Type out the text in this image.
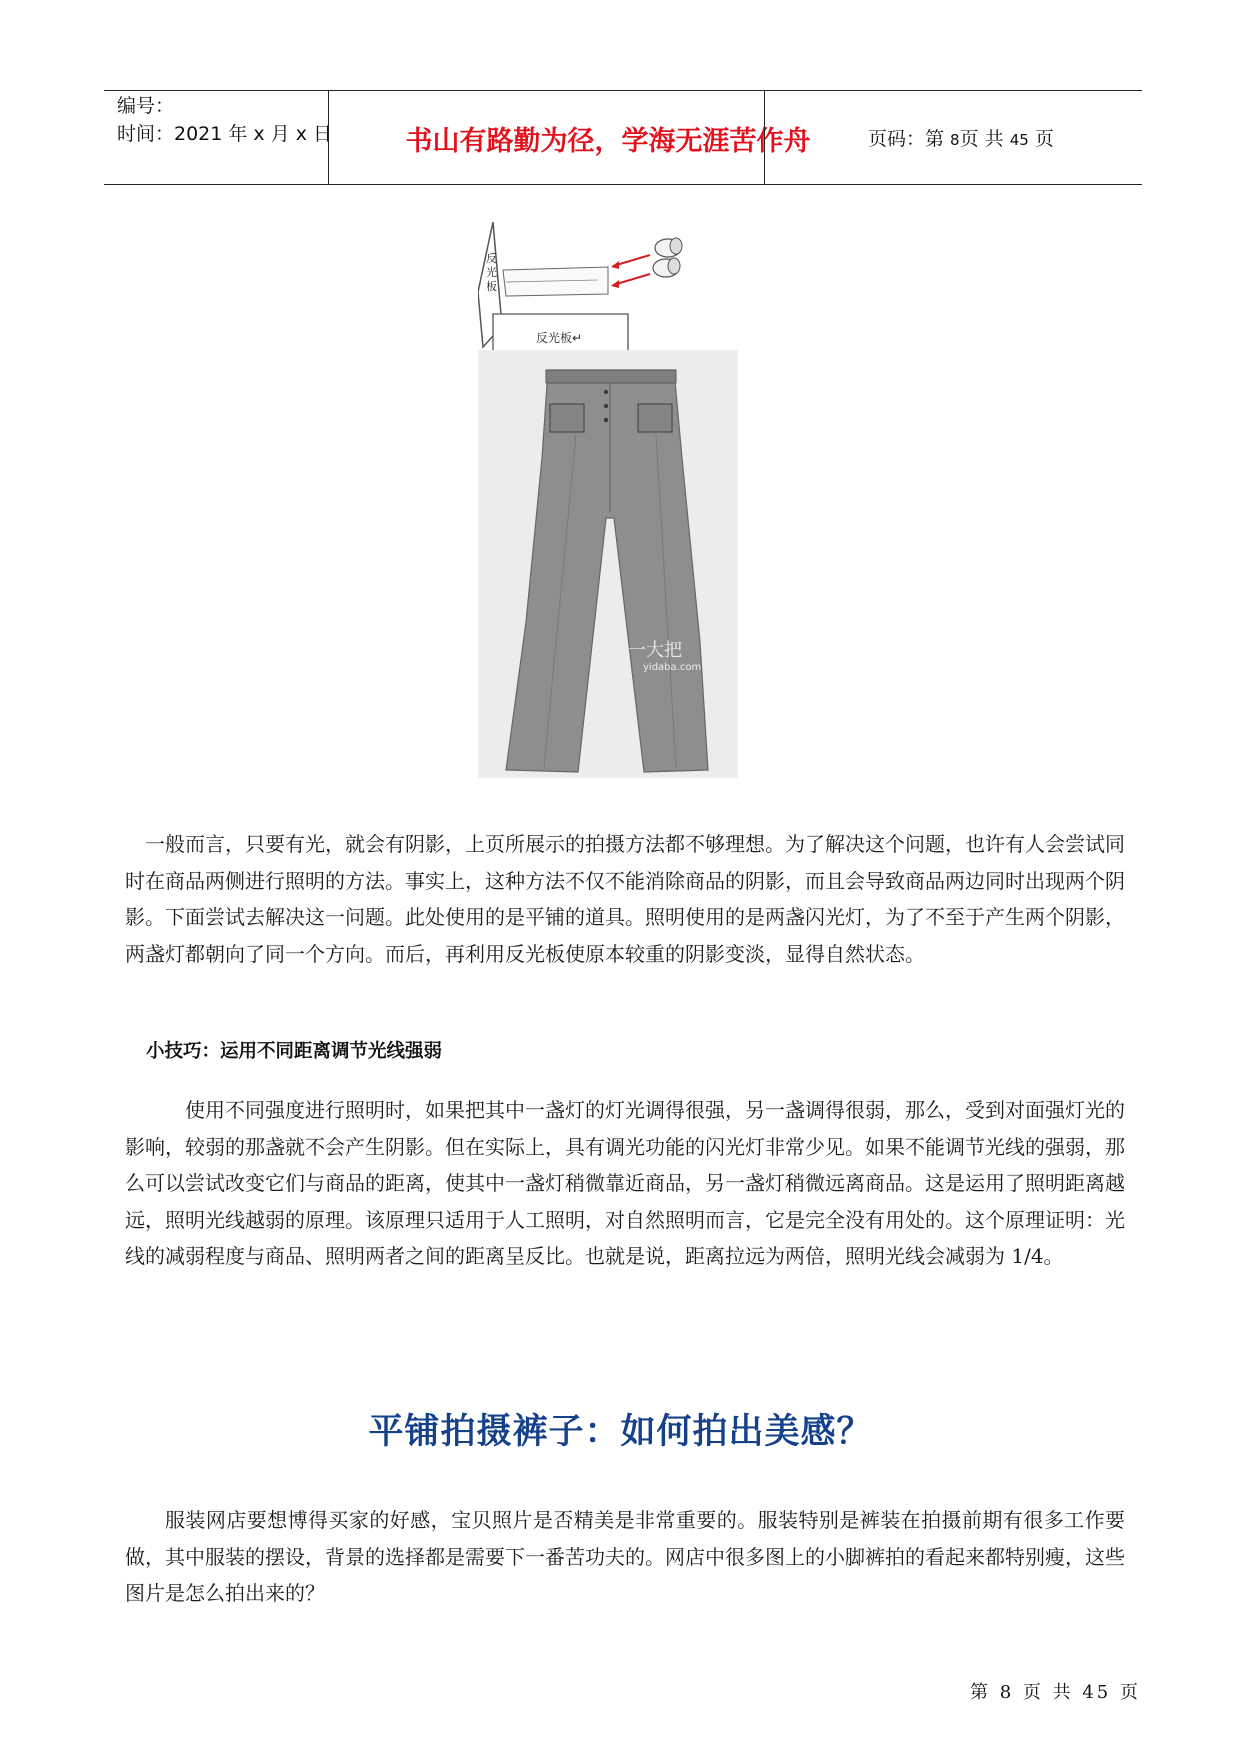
编号：
时间：2021 年 x 月 x 日	书山有路勤为径，学海无涯苦作舟	页码：第 8页 共 45 页
反
光
板
反光板↵
一大把
yidaba.com
一般而言，只要有光，就会有阴影，上页所展示的拍摄方法都不够理想。为了解决这个问题，也许有人会尝试同时在商品两侧进行照明的方法。事实上，这种方法不仅不能消除商品的阴影，而且会导致商品两边同时出现两个阴影。下面尝试去解决这一问题。此处使用的是平铺的道具。照明使用的是两盏闪光灯，为了不至于产生两个阴影，两盏灯都朝向了同一个方向。而后，再利用反光板使原本较重的阴影变淡，显得自然状态。
小技巧：运用不同距离调节光线强弱
使用不同强度进行照明时，如果把其中一盏灯的灯光调得很强，另一盏调得很弱，那么，受到对面强灯光的影响，较弱的那盏就不会产生阴影。但在实际上，具有调光功能的闪光灯非常少见。如果不能调节光线的强弱，那么可以尝试改变它们与商品的距离，使其中一盏灯稍微靠近商品，另一盏灯稍微远离商品。这是运用了照明距离越远，照明光线越弱的原理。该原理只适用于人工照明，对自然照明而言，它是完全没有用处的。这个原理证明：光线的减弱程度与商品、照明两者之间的距离呈反比。也就是说，距离拉远为两倍，照明光线会减弱为 1/4。
平铺拍摄裤子：如何拍出美感？
服装网店要想博得买家的好感，宝贝照片是否精美是非常重要的。服装特别是裤装在拍摄前期有很多工作要做，其中服装的摆设，背景的选择都是需要下一番苦功夫的。网店中很多图上的小脚裤拍的看起来都特别瘦，这些图片是怎么拍出来的？
第 8 页 共 45 页
